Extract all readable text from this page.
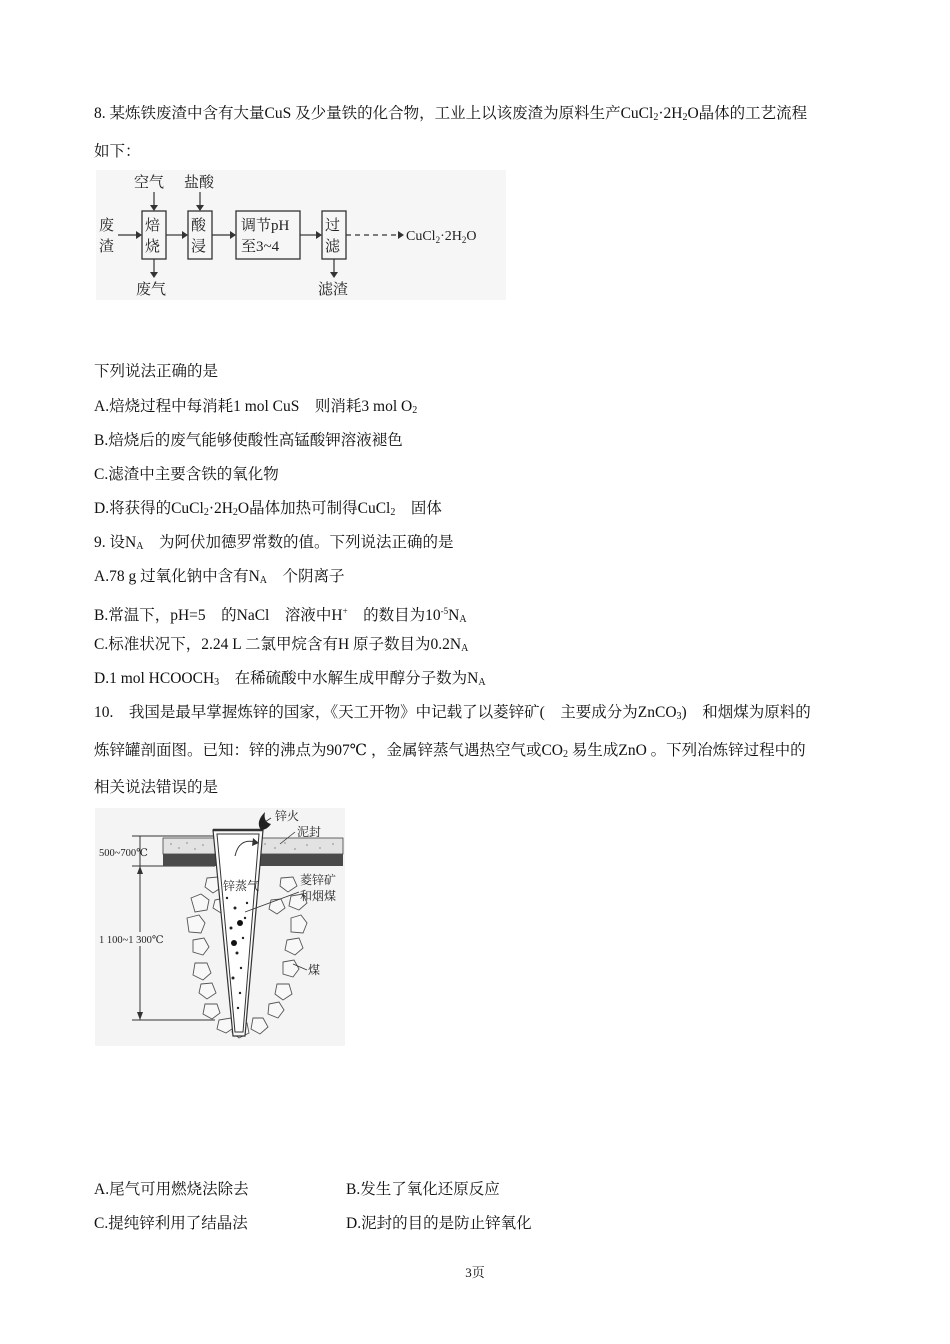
8. 某炼铁废渣中含有大量CuS 及少量铁的化合物，工业上以该废渣为原料生产$CuCl_2\cdot 2H_2O$晶体的工艺流程
如下：
废
渣
焙
烧
空气
废气
酸
浸
盐酸
调节pH
至3~4
过
滤
滤渣
$CuCl_2\cdot 2H_2O$
下列说法正确的是
A.焙烧过程中每消耗1 mol CuS　则消耗3 mol $O_2$
B.焙烧后的废气能够使酸性高锰酸钾溶液褪色
C.滤渣中主要含铁的氧化物
D.将获得的$CuCl_2\cdot 2H_2O$晶体加热可制得CuCl$_2$　固体
9. 设$N_A$　为阿伏加德罗常数的值。下列说法正确的是
A.78 g 过氧化钠中含有$N_A$　个阴离子
B.常温下，pH=5　的NaCl　溶液中H+　的数目为$10^{-5}N_A$
C.标准状况下，2.24 L 二氯甲烷含有H 原子数目为$0.2N_A$
D.1 mol $HCOOCH_3$　在稀硫酸中水解生成甲醇分子数为$N_A$
10.　我国是最早掌握炼锌的国家，《天工开物》中记载了以菱锌矿(　主要成分为ZnCO$_3$)　和烟煤为原料的
炼锌罐剖面图。已知：锌的沸点为907℃ ，金属锌蒸气遇热空气或$CO_2$ 易生成ZnO 。下列冶炼锌过程中的
相关说法错误的是
500~700℃
1 100~1 300℃
锌火
泥封
锌蒸气	菱锌矿
和烟煤
煤
A.尾气可用燃烧法除去	B.发生了氧化还原反应
C.提纯锌利用了结晶法	D.泥封的目的是防止锌氧化
3页
